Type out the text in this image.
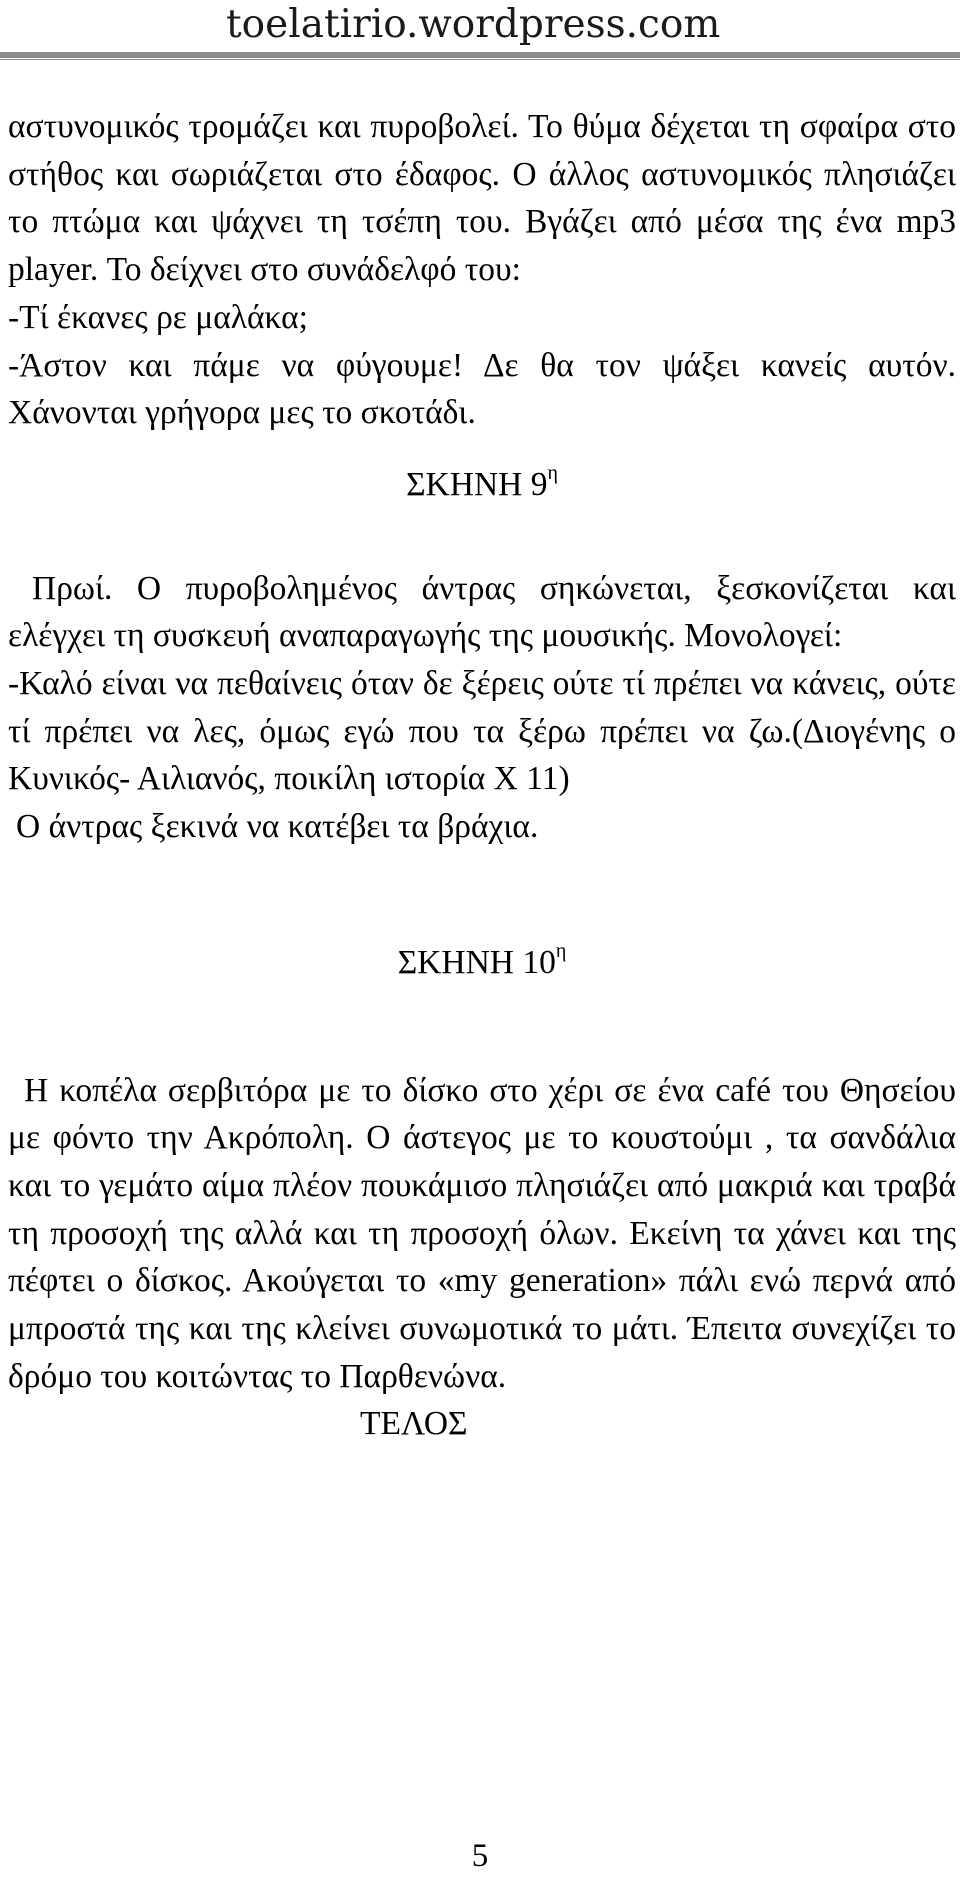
toelatirio.wordpress.com

αστυνομικός τρομάζει και πυροβολεί. Το θύμα δέχεται τη σφαίρα στο στήθος και σωριάζεται στο έδαφος. Ο άλλος αστυνομικός πλησιάζει το πτώμα και ψάχνει τη τσέπη του. Βγάζει από μέσα της ένα mp3 player. Το δείχνει στο συνάδελφό του:

-Τί έκανες ρε μαλάκα;

-Άστον και πάμε να φύγουμε! Δε θα τον ψάξει κανείς αυτόν. Χάνονται γρήγορα μες το σκοτάδι.

ΣΚΗΝΗ $9^\eta$

Πρωί. Ο πυροβολημένος άντρας σηκώνεται, ξεσκονίζεται και ελέγχει τη συσκευή αναπαραγωγής της μουσικής. Μονολογεί:

-Καλό είναι να πεθαίνεις όταν δε ξέρεις ούτε τί πρέπει να κάνεις, ούτε τί πρέπει να λες, όμως εγώ που τα ξέρω πρέπει να ζω.(Διογένης ο Κυνικός- Αιλιανός, ποικίλη ιστορία Χ 11)

Ο άντρας ξεκινά να κατέβει τα βράχια.

ΣΚΗΝΗ $10^\eta$

Η κοπέλα σερβιτόρα με το δίσκο στο χέρι σε ένα café του Θησείου με φόντο την Ακρόπολη. Ο άστεγος με το κουστούμι , τα σανδάλια και το γεμάτο αίμα πλέον πουκάμισο πλησιάζει από μακριά και τραβά τη προσοχή της αλλά και τη προσοχή όλων. Εκείνη τα χάνει και της πέφτει ο δίσκος. Ακούγεται το «my generation» πάλι ενώ περνά από μπροστά της και της κλείνει συνωμοτικά το μάτι. Έπειτα συνεχίζει το δρόμο του κοιτώντας το Παρθενώνα.

ΤΕΛΟΣ

5
